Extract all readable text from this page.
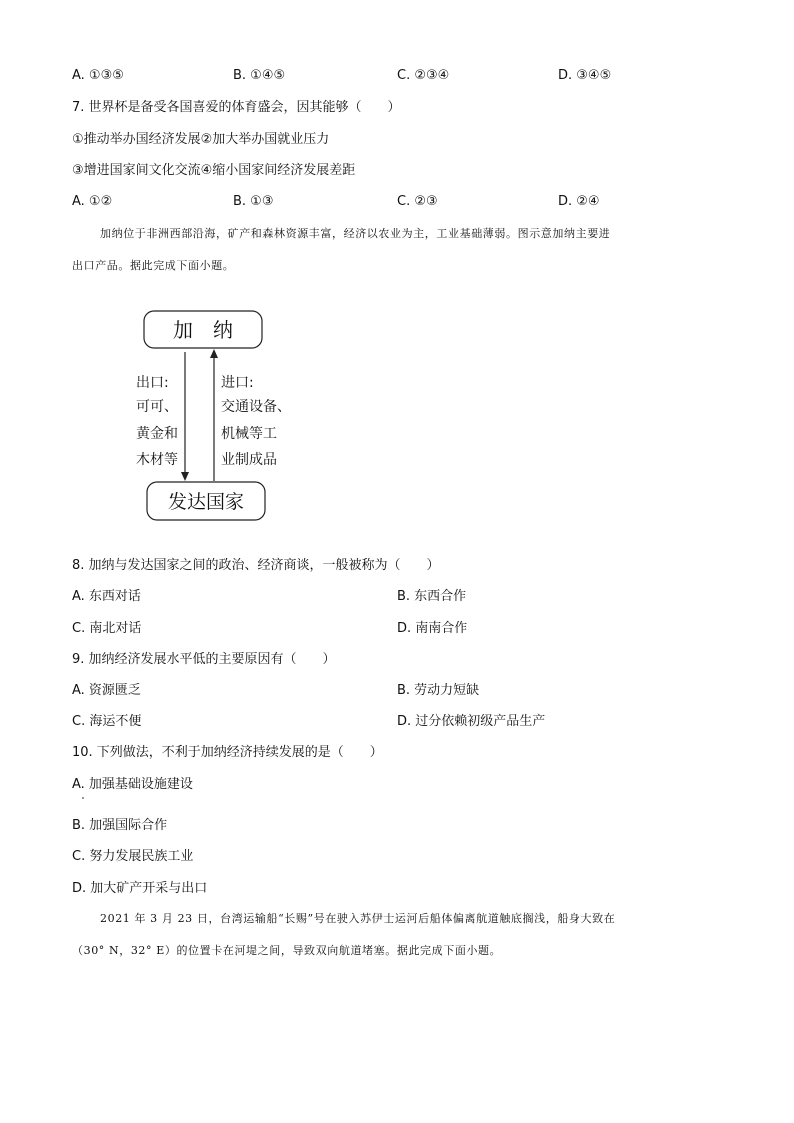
A. ①③⑤	B. ①④⑤	C. ②③④	D. ③④⑤
7. 世界杯是备受各国喜爱的体育盛会，因其能够（　　）
①推动举办国经济发展②加大举办国就业压力
③增进国家间文化交流④缩小国家间经济发展差距
A. ①②	B. ①③	C. ②③	D. ②④
加纳位于非洲西部沿海，矿产和森林资源丰富，经济以农业为主，工业基础薄弱。图示意加纳主要进
出口产品。据此完成下面小题。
加　纳
出口:
可可、
黄金和
木材等
进口:
交通设备、
机械等工
业制成品
发达国家
8. 加纳与发达国家之间的政治、经济商谈，一般被称为（　　）
A. 东西对话	B. 东西合作
C. 南北对话	D. 南南合作
9. 加纳经济发展水平低的主要原因有（　　）
A. 资源匮乏	B. 劳动力短缺
C. 海运不便	D. 过分依赖初级产品生产
10. 下列做法，不利于加纳经济持续发展的是（　　）
A. 加强基础设施建设
B. 加强国际合作
C. 努力发展民族工业
D. 加大矿产开采与出口
2021 年 3 月 23 日，台湾运输船“长赐”号在驶入苏伊士运河后船体偏离航道触底搁浅，船身大致在
（30° N，32° E）的位置卡在河堤之间，导致双向航道堵塞。据此完成下面小题。
